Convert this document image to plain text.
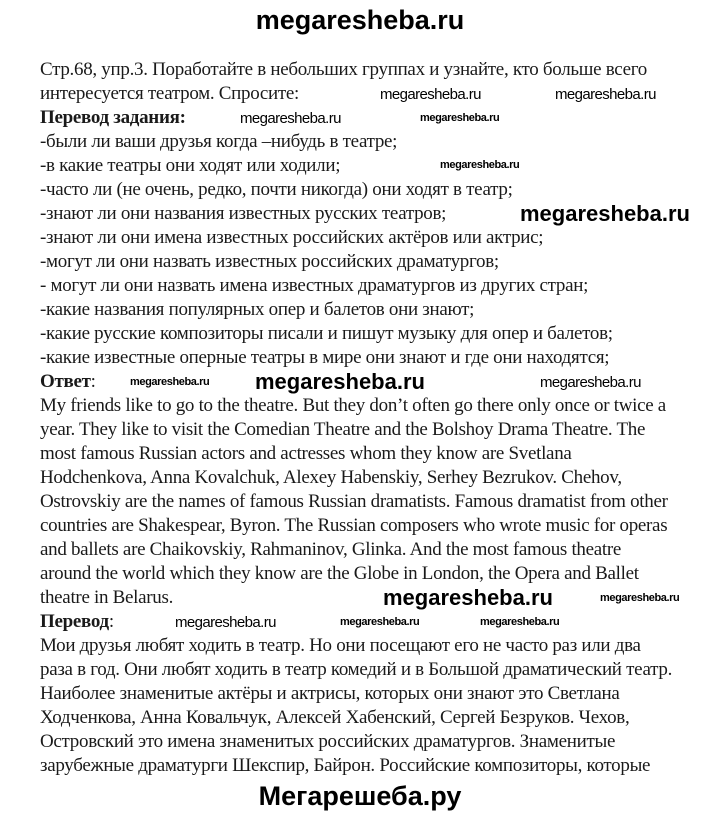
megaresheba.ru
Стр.68, упр.3. Поработайте в небольших группах и узнайте, кто больше всего
интересуется театром. Спросите:
Перевод задания:
-были ли ваши друзья когда –нибудь в театре;
-в какие театры они ходят или ходили;
-часто ли (не очень, редко, почти никогда) они ходят в театр;
-знают ли они названия известных русских театров;
-знают ли они имена известных российских актёров или актрис;
-могут ли они назвать известных российских драматургов;
- могут ли они назвать имена известных драматургов из других стран;
-какие названия популярных опер и балетов они знают;
-какие русские композиторы писали и пишут музыку для опер и балетов;
-какие известные оперные театры в мире они знают и где они находятся;
Ответ:
My friends like to go to the theatre. But they don’t often go there only once or twice a
year. They like to visit the Comedian Theatre and the Bolshoy Drama Theatre. The
most famous Russian actors and actresses whom they know are Svetlana
Hodchenkova, Anna Kovalchuk, Alexey Habenskiy, Serhey Bezrukov. Chehov,
Ostrovskiy are the names of famous Russian dramatists. Famous dramatist from other
countries are Shakespear, Byron. The Russian composers who wrote music for operas
and ballets are Chaikovskiy, Rahmaninov, Glinka. And the most famous theatre
around the world which they know are the Globe in London, the Opera and Ballet
theatre in Belarus.
Перевод:
Мои друзья любят ходить в театр. Но они посещают его не часто раз или два
раза в год. Они любят ходить в театр комедий и в Большой драматический театр.
Наиболее знаменитые актёры и актрисы, которых они знают это Светлана
Ходченкова, Анна Ковальчук, Алексей Хабенский, Сергей Безруков. Чехов,
Островский это имена знаменитых российских драматургов. Знаменитые
зарубежные драматурги Шекспир, Байрон. Российские композиторы, которые
megaresheba.ru	megaresheba.ru
megaresheba.ru	megaresheba.ru
megaresheba.ru
megaresheba.ru
megaresheba.ru megaresheba.ru	megaresheba.ru
megaresheba.ru	megaresheba.ru
megaresheba.ru	megaresheba.ru	megaresheba.ru
Мегарешеба.ру
